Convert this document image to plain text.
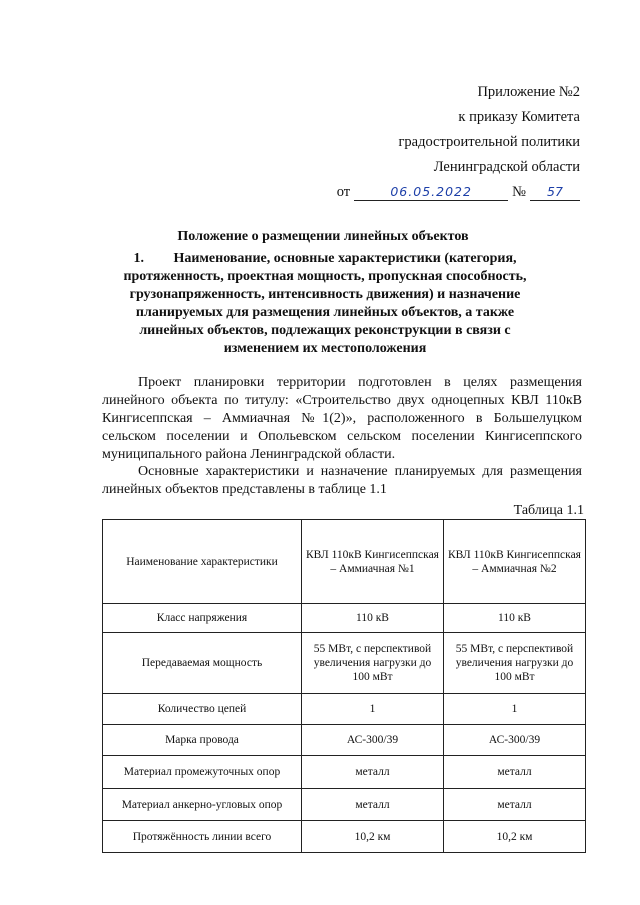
Приложение №2
к приказу Комитета
градостроительной политики
Ленинградской области
от	06.05.2022	№	57
Положение о размещении линейных объектов
1. Наименование, основные характеристики (категория, протяженность, проектная мощность, пропускная способность, грузонапряженность, интенсивность движения) и назначение планируемых для размещения линейных объектов, а также линейных объектов, подлежащих реконструкции в связи с изменением их местоположения
Проект планировки территории подготовлен в целях размещения линейного объекта по титулу: «Строительство двух одноцепных КВЛ 110кВ Кингисеппская – Аммиачная №1(2)», расположенного в Большелуцком сельском поселении и Опольевском сельском поселении Кингисеппского муниципального района Ленинградской области.
Основные характеристики и назначение планируемых для размещения линейных объектов представлены в таблице 1.1
Таблица 1.1
Наименование характеристики	КВЛ 110кВ Кингисеппская – Аммиачная №1	КВЛ 110кВ Кингисеппская – Аммиачная №2
Класс напряжения	110 кВ	110 кВ
Передаваемая мощность	55 МВт, с перспективой увеличения нагрузки до 100 мВт	55 МВт, с перспективой увеличения нагрузки до 100 мВт
Количество цепей	1	1
Марка провода	АС-300/39	АС-300/39
Материал промежуточных опор	металл	металл
Материал анкерно-угловых опор	металл	металл
Протяжённость линии всего	10,2 км	10,2 км
